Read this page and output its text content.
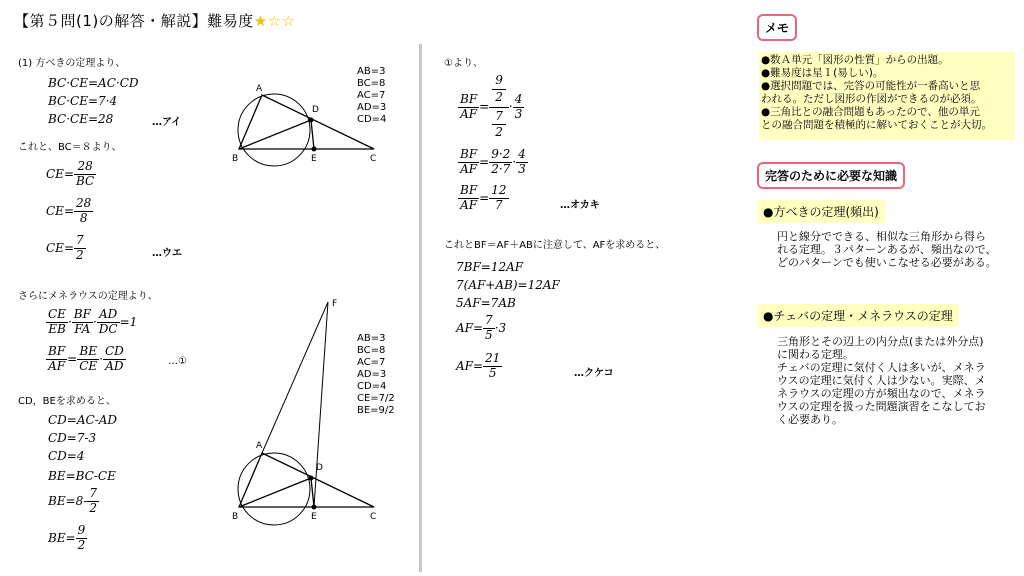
【第５問(1)の解答・解説】難易度★☆☆
(1) 方べきの定理より、
BC·CE=AC·CD
BC·CE=7·4
BC·CE=28	…アイ
これと、BC＝８より、
$CE= \frac{28}{BC}$
$CE= \frac{28}{8}$
$CE= \frac{7}{2}$	…ウエ
さらにメネラウスの定理より、
$\frac{CE}{EB} \cdot \frac{BF}{FA} \cdot \frac{AD}{DC} =1$
$\frac{BF}{AF} = \frac{BE}{CE} \cdot \frac{CD}{AD}$	…①
CD，BEを求めると、
CD=AC-AD
CD=7-3
CD=4
BE=BC-CE
$BE=8- \frac{7}{2}$
$BE= \frac{9}{2}$
A
B	C
D
E
AB=3
BC=8
AC=7
AD=3
CD=4
F
A
B	C
D
E
AB=3
BC=8
AC=7
AD=3
CD=4
CE=7/2
BE=9/2
①より、
$\frac{BF}{AF} = \frac{\frac{9}{2}}{\frac{7}{2}} \cdot \frac{4}{3}$
$\frac{BF}{AF} = \frac{9\cdot 2}{2\cdot 7} \cdot \frac{4}{3}$
$\frac{BF}{AF} = \frac{12}{7}$	…オカキ
これとBF＝AF＋ABに注意して、AFを求めると、
7BF=12AF
7(AF+AB)=12AF
5AF=7AB
$AF= \frac{7}{5} \cdot 3$
$AF= \frac{21}{5}$	…クケコ
メモ
●数Ａ単元「図形の性質」からの出題。
●難易度は星１(易しい)。
●選択問題では、完答の可能性が一番高いと思
われる。ただし図形の作図ができるのが必須。
●三角比との融合問題もあったので、他の単元
との融合問題を積極的に解いておくことが大切。
完答のために必要な知識
●方べきの定理(頻出)
円と線分でできる、相似な三角形から得ら
れる定理。３パターンあるが、頻出なので、
どのパターンでも使いこなせる必要がある。
●チェバの定理・メネラウスの定理
三角形とその辺上の内分点(または外分点)
に関わる定理。
チェバの定理に気付く人は多いが、メネラ
ウスの定理に気付く人は少ない。実際、メ
ネラウスの定理の方が頻出なので、メネラ
ウスの定理を扱った問題演習をこなしてお
く必要あり。
